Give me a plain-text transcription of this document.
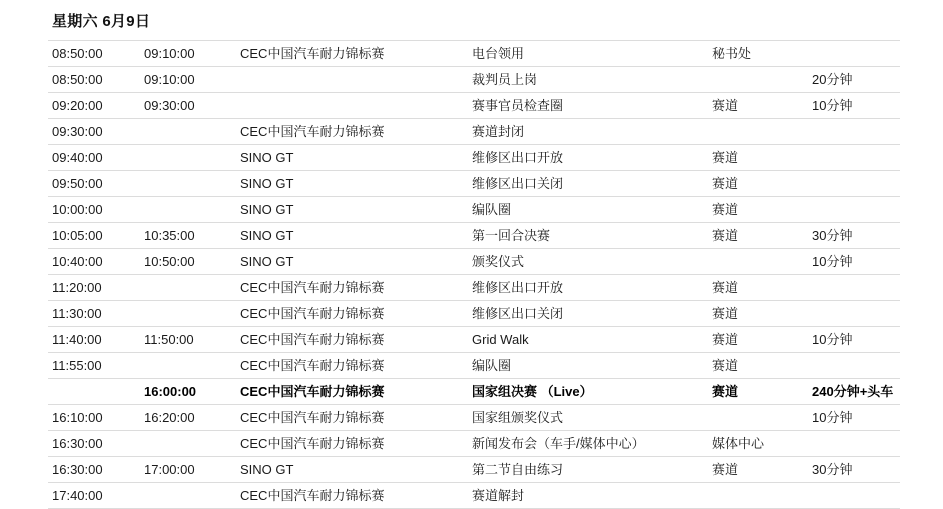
星期六 6月9日
08:50:00	09:10:00	CEC中国汽车耐力锦标赛	电台领用	秘书处	
08:50:00	09:10:00		裁判员上岗		20分钟
09:20:00	09:30:00		赛事官员检查圈	赛道	10分钟
09:30:00		CEC中国汽车耐力锦标赛	赛道封闭		
09:40:00		SINO GT	维修区出口开放	赛道	
09:50:00		SINO GT	维修区出口关闭	赛道	
10:00:00		SINO GT	编队圈	赛道	
10:05:00	10:35:00	SINO GT	第一回合决赛	赛道	30分钟
10:40:00	10:50:00	SINO GT	颁奖仪式		10分钟
11:20:00		CEC中国汽车耐力锦标赛	维修区出口开放	赛道	
11:30:00		CEC中国汽车耐力锦标赛	维修区出口关闭	赛道	
11:40:00	11:50:00	CEC中国汽车耐力锦标赛	Grid Walk	赛道	10分钟
11:55:00		CEC中国汽车耐力锦标赛	编队圈	赛道	
	16:00:00	CEC中国汽车耐力锦标赛	国家组决赛 （Live）	赛道	240分钟+头车
16:10:00	16:20:00	CEC中国汽车耐力锦标赛	国家组颁奖仪式		10分钟
16:30:00		CEC中国汽车耐力锦标赛	新闻发布会（车手/媒体中心）	媒体中心	
16:30:00	17:00:00	SINO GT	第二节自由练习	赛道	30分钟
17:40:00		CEC中国汽车耐力锦标赛	赛道解封		
